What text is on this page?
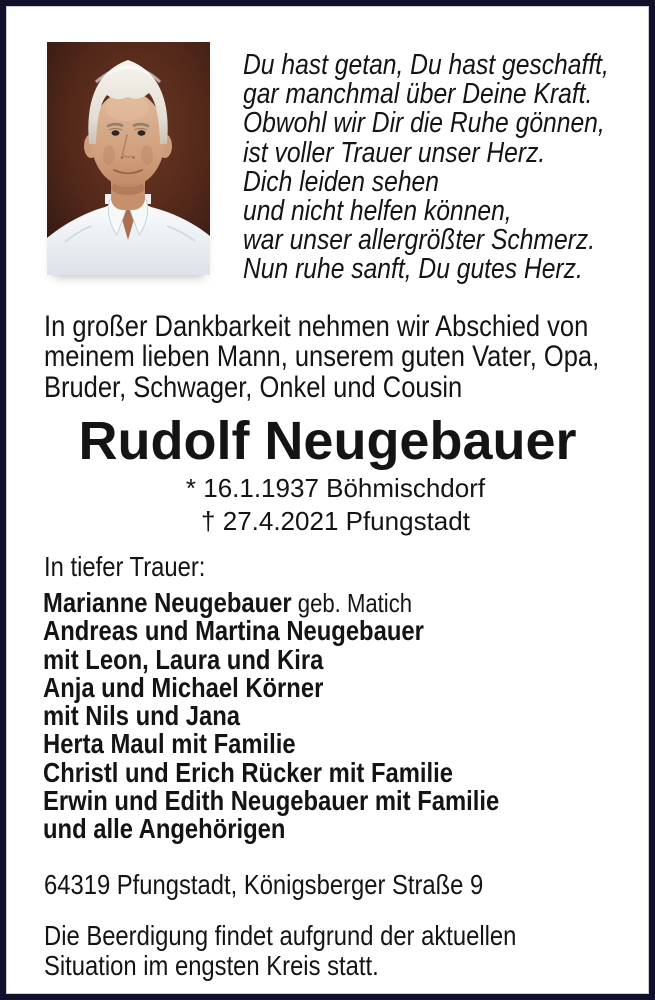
Du hast getan, Du hast geschafft,
gar manchmal über Deine Kraft.
Obwohl wir Dir die Ruhe gönnen,
ist voller Trauer unser Herz.
Dich leiden sehen
und nicht helfen können,
war unser allergrößter Schmerz.
Nun ruhe sanft, Du gutes Herz.
In großer Dankbarkeit nehmen wir Abschied von
meinem lieben Mann, unserem guten Vater, Opa,
Bruder, Schwager, Onkel und Cousin
Rudolf Neugebauer
* 16.1.1937 Böhmischdorf
† 27.4.2021 Pfungstadt
In tiefer Trauer:
Marianne Neugebauer geb. Matich
Andreas und Martina Neugebauer
mit Leon, Laura und Kira
Anja und Michael Körner
mit Nils und Jana
Herta Maul mit Familie
Christl und Erich Rücker mit Familie
Erwin und Edith Neugebauer mit Familie
und alle Angehörigen
64319 Pfungstadt, Königsberger Straße 9
Die Beerdigung findet aufgrund der aktuellen
Situation im engsten Kreis statt.
